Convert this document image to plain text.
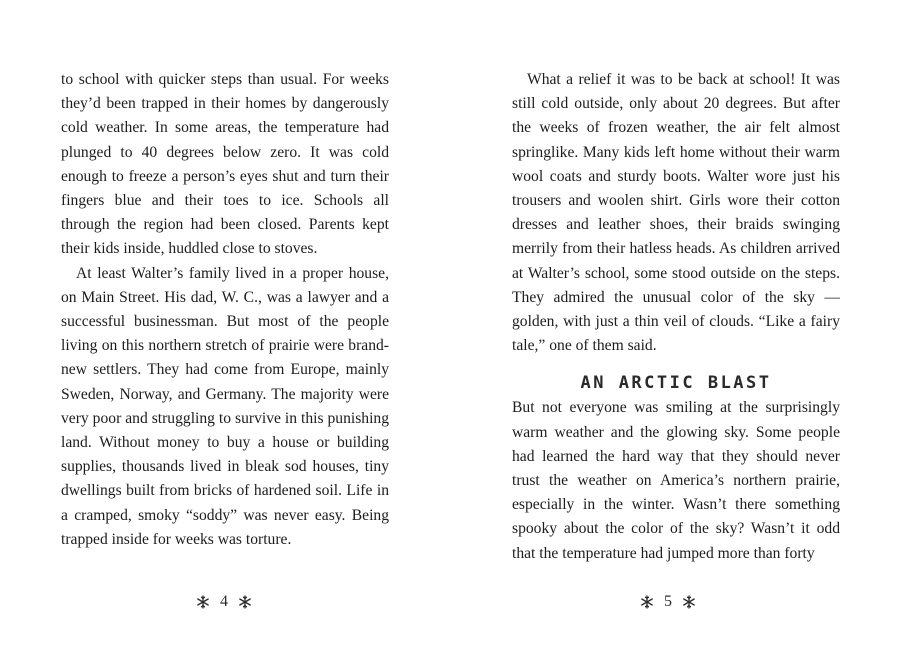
to school with quicker steps than usual. For weeks they’d been trapped in their homes by dangerously cold weather. In some areas, the temperature had plunged to 40 degrees below zero. It was cold enough to freeze a person’s eyes shut and turn their fingers blue and their toes to ice. Schools all through the region had been closed. Parents kept their kids inside, huddled close to stoves.

At least Walter’s family lived in a proper house, on Main Street. His dad, W. C., was a lawyer and a successful businessman. But most of the people living on this northern stretch of prairie were brand-new settlers. They had come from Europe, mainly Sweden, Norway, and Germany. The majority were very poor and struggling to survive in this punishing land. Without money to buy a house or building supplies, thousands lived in bleak sod houses, tiny dwellings built from bricks of hardened soil. Life in a cramped, smoky “soddy” was never easy. Being trapped inside for weeks was torture.

4

What a relief it was to be back at school! It was still cold outside, only about 20 degrees. But after the weeks of frozen weather, the air felt almost springlike. Many kids left home without their warm wool coats and sturdy boots. Walter wore just his trousers and woolen shirt. Girls wore their cotton dresses and leather shoes, their braids swinging merrily from their hatless heads. As children arrived at Walter’s school, some stood outside on the steps. They admired the unusual color of the sky — golden, with just a thin veil of clouds. “Like a fairy tale,” one of them said.

AN ARCTIC BLAST

But not everyone was smiling at the surprisingly warm weather and the glowing sky. Some people had learned the hard way that they should never trust the weather on America’s northern prairie, especially in the winter. Wasn’t there something spooky about the color of the sky? Wasn’t it odd that the temperature had jumped more than forty

5
